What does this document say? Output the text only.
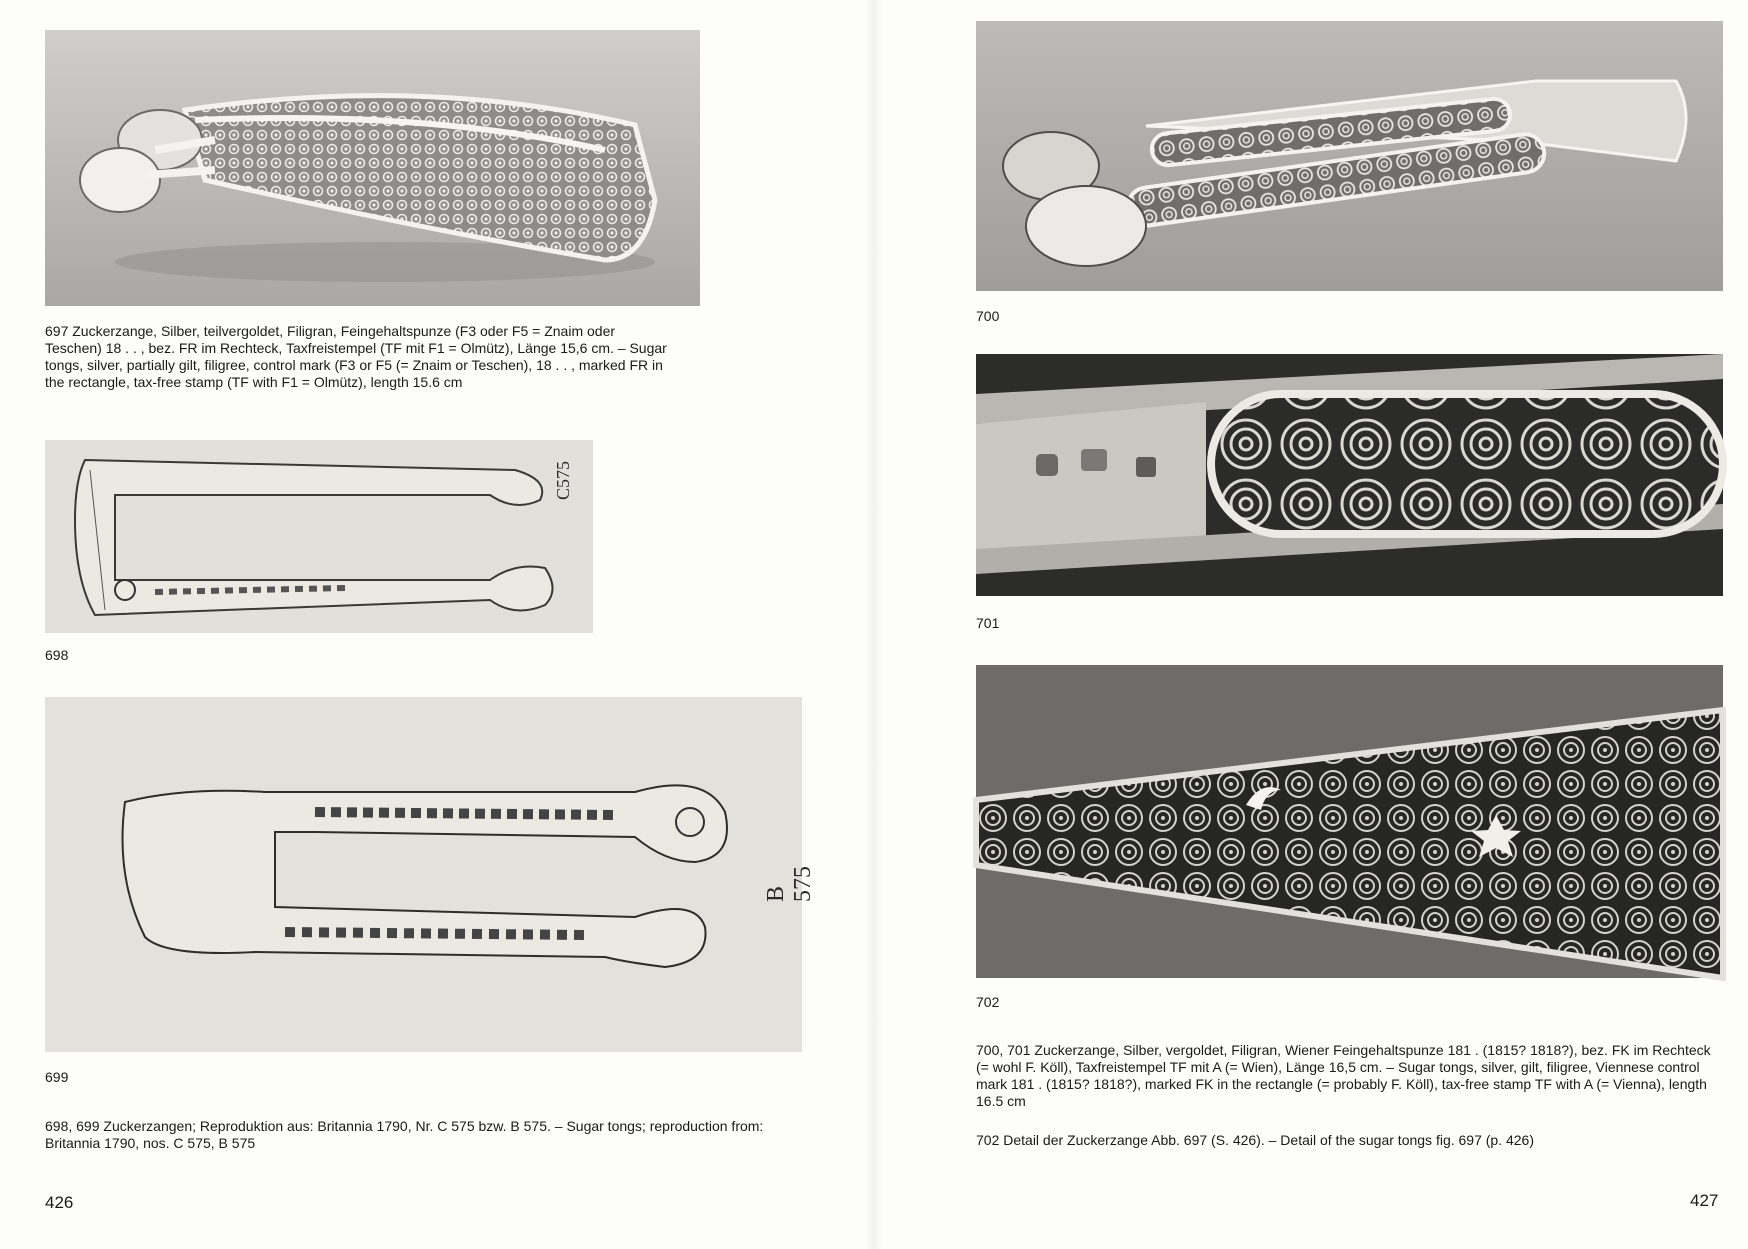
697 Zuckerzange, Silber, teilvergoldet, Filigran, Feingehaltspunze (F3 oder F5 = Znaim oder Teschen) 18 . . , bez. FR im Rechteck, Taxfreistempel (TF mit F1 = Olmütz), Länge 15,6 cm. – Sugar tongs, silver, partially gilt, filigree, control mark (F3 or F5 (= Znaim or Teschen), 18 . . , marked FR in the rectangle, tax-free stamp (TF with F1 = Olmütz), length 15.6 cm
C575
698
B 575
699
698, 699 Zuckerzangen; Reproduktion aus: Britannia 1790, Nr. C 575 bzw. B 575. – Sugar tongs; reproduction from: Britannia 1790, nos. C 575, B 575
426
700
701
702
700, 701 Zuckerzange, Silber, vergoldet, Filigran, Wiener Feingehaltspunze 181 . (1815? 1818?), bez. FK im Rechteck (= wohl F. Köll), Taxfreistempel TF mit A (= Wien), Länge 16,5 cm. – Sugar tongs, silver, gilt, filigree, Viennese control mark 181 . (1815? 1818?), marked FK in the rectangle (= probably F. Köll), tax-free stamp TF with A (= Vienna), length 16.5 cm
702 Detail der Zuckerzange Abb. 697 (S. 426). – Detail of the sugar tongs fig. 697 (p. 426)
427
